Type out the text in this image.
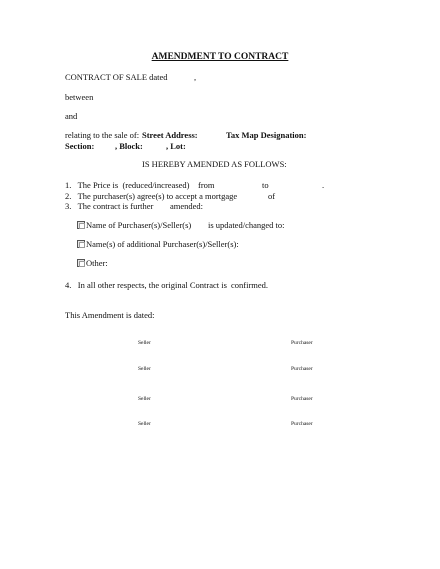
AMENDMENT TO CONTRACT
CONTRACT OF SALE dated	,
between
and
relating to the sale of: Street Address:	Tax Map Designation:
Section: , Block:	, Lot:
IS HEREBY AMENDED AS FOLLOWS:
1. The Price is (reduced/increased) from	to	.
2. The purchaser(s) agree(s) to accept a mortgage	of
3. The contract is further amended:
Name of Purchaser(s)/Seller(s) is updated/changed to:
Name(s) of additional Purchaser(s)/Seller(s):
Other:
4. In all other respects, the original Contract is confirmed.
This Amendment is dated:
Seller	Purchaser
Seller	Purchaser
Seller	Purchaser
Seller	Purchaser
